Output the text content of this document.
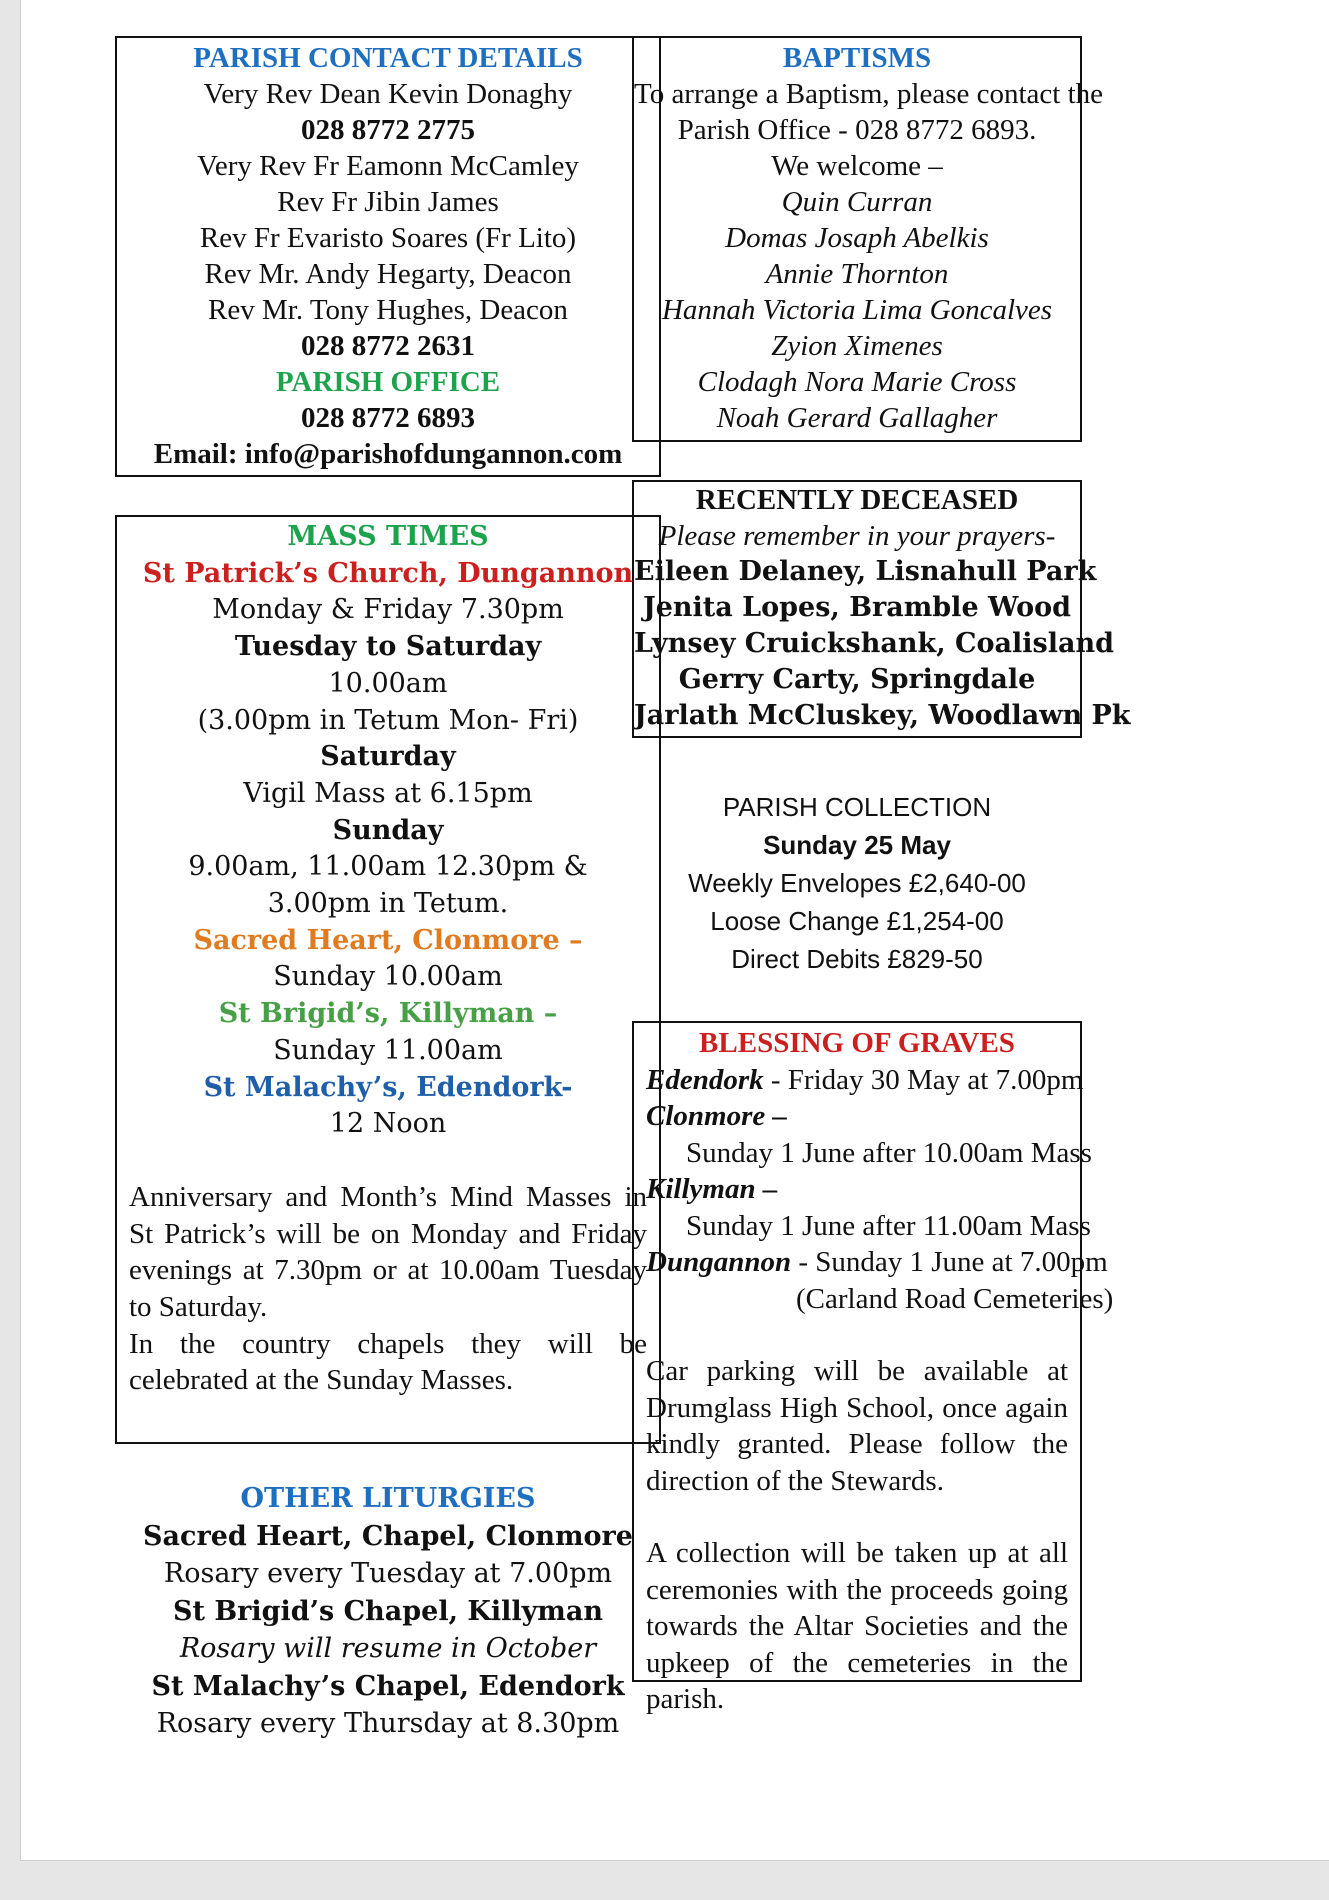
PARISH CONTACT DETAILS
Very Rev Dean Kevin Donaghy
028 8772 2775
Very Rev Fr Eamonn McCamley
Rev Fr Jibin James
Rev Fr Evaristo Soares (Fr Lito)
Rev Mr. Andy Hegarty, Deacon
Rev Mr. Tony Hughes, Deacon
028 8772 2631
PARISH OFFICE
028 8772 6893
Email: info@parishofdungannon.com
BAPTISMS
To arrange a Baptism, please contact the
Parish Office - 028 8772 6893.
We welcome –
Quin Curran
Domas Josaph Abelkis
Annie Thornton
Hannah Victoria Lima Goncalves
Zyion Ximenes
Clodagh Nora Marie Cross
Noah Gerard Gallagher
RECENTLY DECEASED
Please remember in your prayers-
Eileen Delaney, Lisnahull Park
Jenita Lopes, Bramble Wood
Lynsey Cruickshank, Coalisland
Gerry Carty, Springdale
Jarlath McCluskey, Woodlawn Pk
MASS TIMES
St Patrick’s Church, Dungannon
Monday & Friday 7.30pm
Tuesday to Saturday
10.00am
(3.00pm in Tetum Mon- Fri)
Saturday
Vigil Mass at 6.15pm
Sunday
9.00am, 11.00am 12.30pm &
3.00pm in Tetum.
Sacred Heart, Clonmore –
Sunday 10.00am
St Brigid’s, Killyman –
Sunday 11.00am
St Malachy’s, Edendork-
12 Noon
Anniversary and Month’s Mind Masses in St Patrick’s will be on Monday and Friday evenings at 7.30pm or at 10.00am Tuesday to Saturday.
In the country chapels they will be celebrated at the Sunday Masses.
PARISH COLLECTION
Sunday 25 May
Weekly Envelopes £2,640-00
Loose Change £1,254-00
Direct Debits £829-50
BLESSING OF GRAVES
Edendork - Friday 30 May at 7.00pm
Clonmore –
Sunday 1 June after 10.00am Mass
Killyman –
Sunday 1 June after 11.00am Mass
Dungannon - Sunday 1 June at 7.00pm
(Carland Road Cemeteries)
Car parking will be available at Drumglass High School, once again kindly granted. Please follow the direction of the Stewards.
A collection will be taken up at all ceremonies with the proceeds going towards the Altar Societies and the upkeep of the cemeteries in the parish.
OTHER LITURGIES
Sacred Heart, Chapel, Clonmore
Rosary every Tuesday at 7.00pm
St Brigid’s Chapel, Killyman
Rosary will resume in October
St Malachy’s Chapel, Edendork
Rosary every Thursday at 8.30pm
